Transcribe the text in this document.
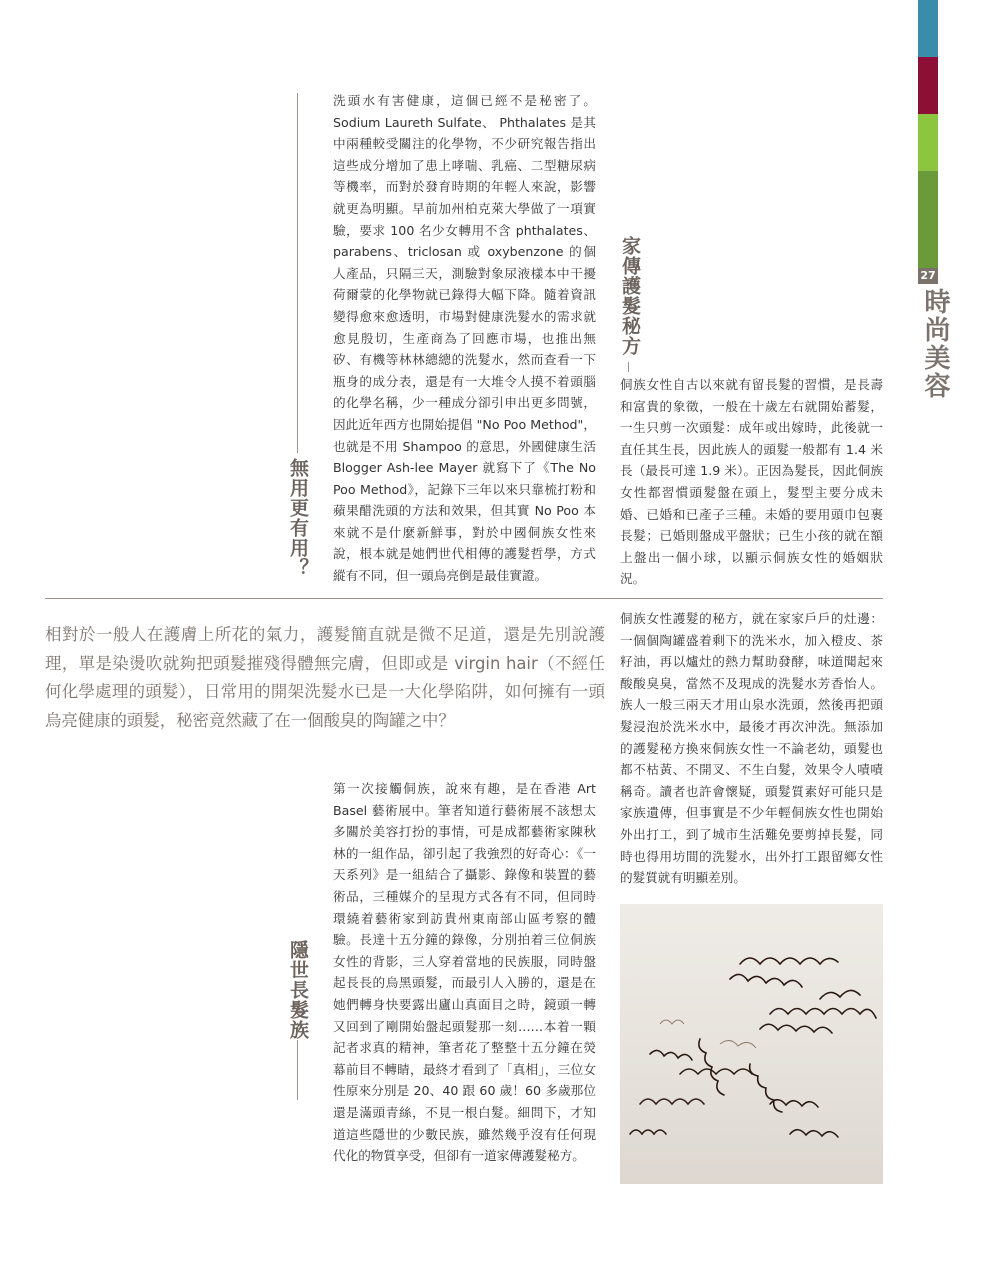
27
時尚美容
無用更有用？
洗頭水有害健康，這個已經不是秘密了。Sodium Laureth Sulfate、 Phthalates 是其中兩種較受關注的化學物，不少研究報告指出這些成分增加了患上哮喘、乳癌、二型糖尿病等機率，而對於發育時期的年輕人來說，影響就更為明顯。早前加州柏克萊大學做了一項實驗，要求 100 名少女轉用不含 phthalates、parabens、triclosan 或 oxybenzone 的個人產品，只隔三天，測驗對象尿液樣本中干擾荷爾蒙的化學物就已錄得大幅下降。隨着資訊變得愈來愈透明，市場對健康洗髮水的需求就愈見殷切，生產商為了回應市場，也推出無矽、有機等林林總總的洗髮水，然而查看一下瓶身的成分表，還是有一大堆令人摸不着頭腦的化學名稱，少一種成分卻引申出更多問號，因此近年西方也開始提倡 "No Poo Method"，也就是不用 Shampoo 的意思，外國健康生活 Blogger Ash-lee Mayer 就寫下了《The No Poo Method》，記錄下三年以來只靠梳打粉和蘋果醋洗頭的方法和效果，但其實 No Poo 本來就不是什麼新鮮事，對於中國侗族女性來說，根本就是她們世代相傳的護髮哲學，方式縱有不同，但一頭烏亮倒是最佳實證。
家傳護髮秘方
侗族女性自古以來就有留長髮的習慣，是長壽和富貴的象徵，一般在十歲左右就開始蓄髮，一生只剪一次頭髮：成年或出嫁時，此後就一直任其生長，因此族人的頭髮一般都有 1.4 米長（最長可達 1.9 米）。正因為髮長，因此侗族女性都習慣頭髮盤在頭上，髮型主要分成未婚、已婚和已產子三種。未婚的要用頭巾包裹長髮；已婚則盤成平盤狀；已生小孩的就在額上盤出一個小球，以顯示侗族女性的婚姻狀況。
相對於一般人在護膚上所花的氣力，護髮簡直就是微不足道，還是先別說護理，單是染燙吹就夠把頭髮摧殘得體無完膚，但即或是 virgin hair（不經任何化學處理的頭髮），日常用的開架洗髮水已是一大化學陷阱，如何擁有一頭烏亮健康的頭髮，秘密竟然藏了在一個酸臭的陶罐之中？
侗族女性護髮的秘方，就在家家戶戶的灶邊：一個個陶罐盛着剩下的洗米水，加入橙皮、茶籽油，再以爐灶的熱力幫助發酵，味道聞起來酸酸臭臭，當然不及現成的洗髮水芳香怡人。族人一般三兩天才用山泉水洗頭，然後再把頭髮浸泡於洗米水中，最後才再次沖洗。無添加的護髮秘方換來侗族女性一不論老幼，頭髮也都不枯黃、不開叉、不生白髮，效果令人嘖嘖稱奇。讀者也許會懷疑，頭髮質素好可能只是家族遺傳，但事實是不少年輕侗族女性也開始外出打工，到了城市生活難免要剪掉長髮，同時也得用坊間的洗髮水，出外打工跟留鄉女性的髮質就有明顯差別。
隱世長髮族
第一次接觸侗族，說來有趣，是在香港 Art Basel 藝術展中。筆者知道行藝術展不該想太多關於美容打扮的事情，可是成都藝術家陳秋林的一組作品，卻引起了我強烈的好奇心：《一天系列》是一組結合了攝影、錄像和裝置的藝術品，三種媒介的呈現方式各有不同，但同時環繞着藝術家到訪貴州東南部山區考察的體驗。長達十五分鐘的錄像，分別拍着三位侗族女性的背影，三人穿着當地的民族服，同時盤起長長的烏黑頭髮，而最引人入勝的，還是在她們轉身快要露出廬山真面目之時，鏡頭一轉又回到了剛開始盤起頭髮那一刻……本着一顆記者求真的精神，筆者花了整整十五分鐘在熒幕前目不轉睛，最終才看到了「真相」，三位女性原來分別是 20、40 跟 60 歲！60 多歲那位還是滿頭青絲，不見一根白髮。細問下，才知道這些隱世的少數民族，雖然幾乎沒有任何現代化的物質享受，但卻有一道家傳護髮秘方。
